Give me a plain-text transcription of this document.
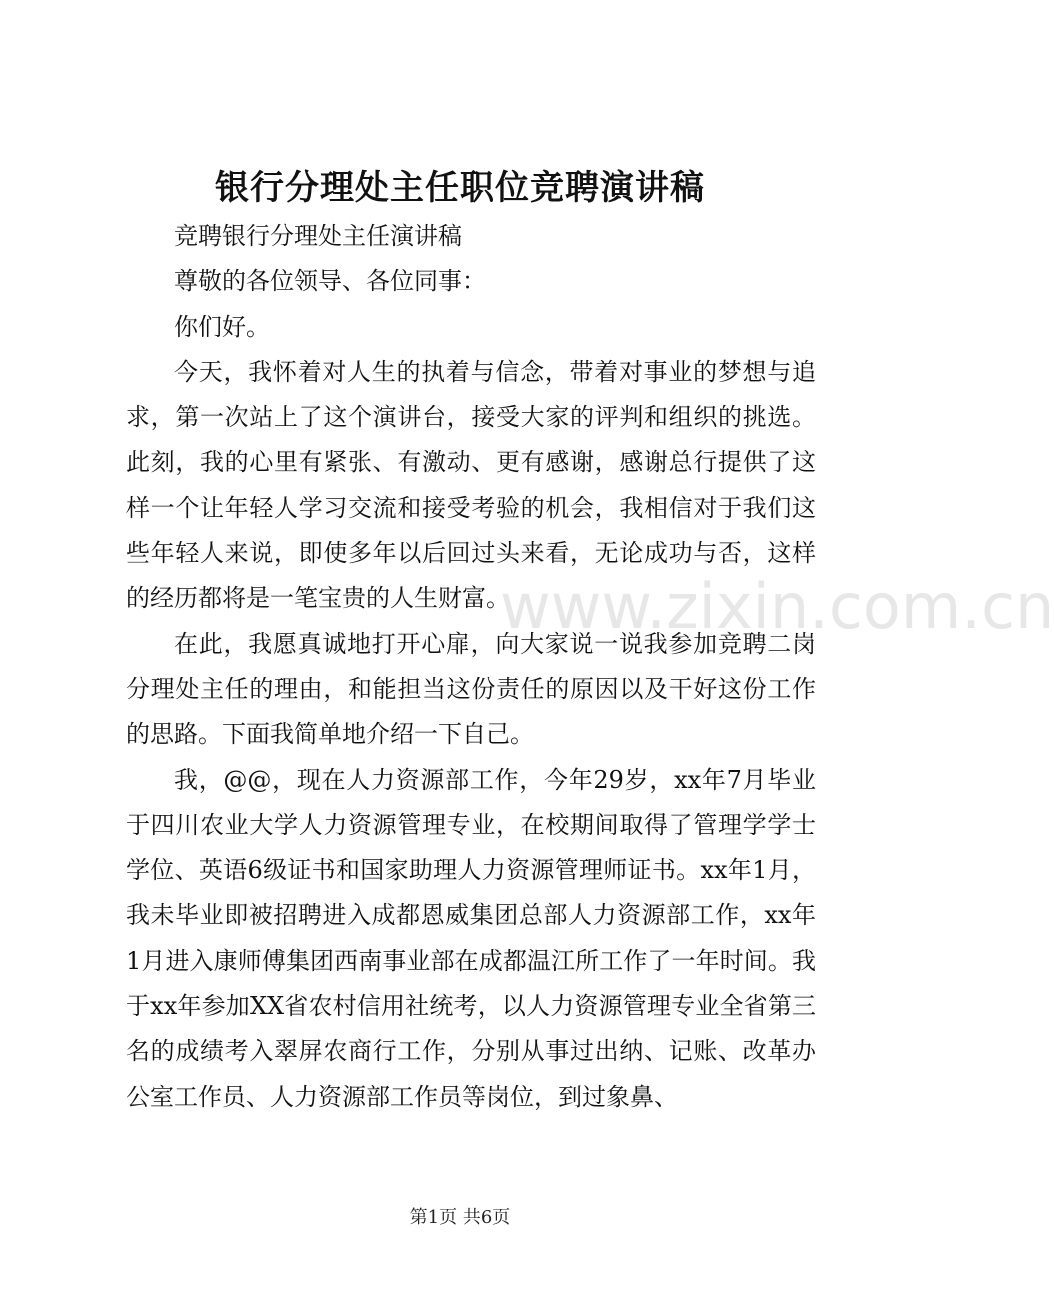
www.zixin.com.cn
银行分理处主任职位竞聘演讲稿

竞聘银行分理处主任演讲稿

尊敬的各位领导、各位同事：

你们好。

今天，我怀着对人生的执着与信念，带着对事业的梦想与追求，第一次站上了这个演讲台，接受大家的评判和组织的挑选。此刻，我的心里有紧张、有激动、更有感谢，感谢总行提供了这样一个让年轻人学习交流和接受考验的机会，我相信对于我们这些年轻人来说，即使多年以后回过头来看，无论成功与否，这样的经历都将是一笔宝贵的人生财富。

在此，我愿真诚地打开心扉，向大家说一说我参加竞聘二岗分理处主任的理由，和能担当这份责任的原因以及干好这份工作的思路。下面我简单地介绍一下自己。

我，@@，现在人力资源部工作，今年29岁，xx年7月毕业于四川农业大学人力资源管理专业，在校期间取得了管理学学士学位、英语6级证书和国家助理人力资源管理师证书。xx年1月，我未毕业即被招聘进入成都恩威集团总部人力资源部工作，xx年1月进入康师傅集团西南事业部在成都温江所工作了一年时间。我于xx年参加XX省农村信用社统考，以人力资源管理专业全省第三名的成绩考入翠屏农商行工作，分别从事过出纳、记账、改革办公室工作员、人力资源部工作员等岗位，到过象鼻、

第1页 共6页
